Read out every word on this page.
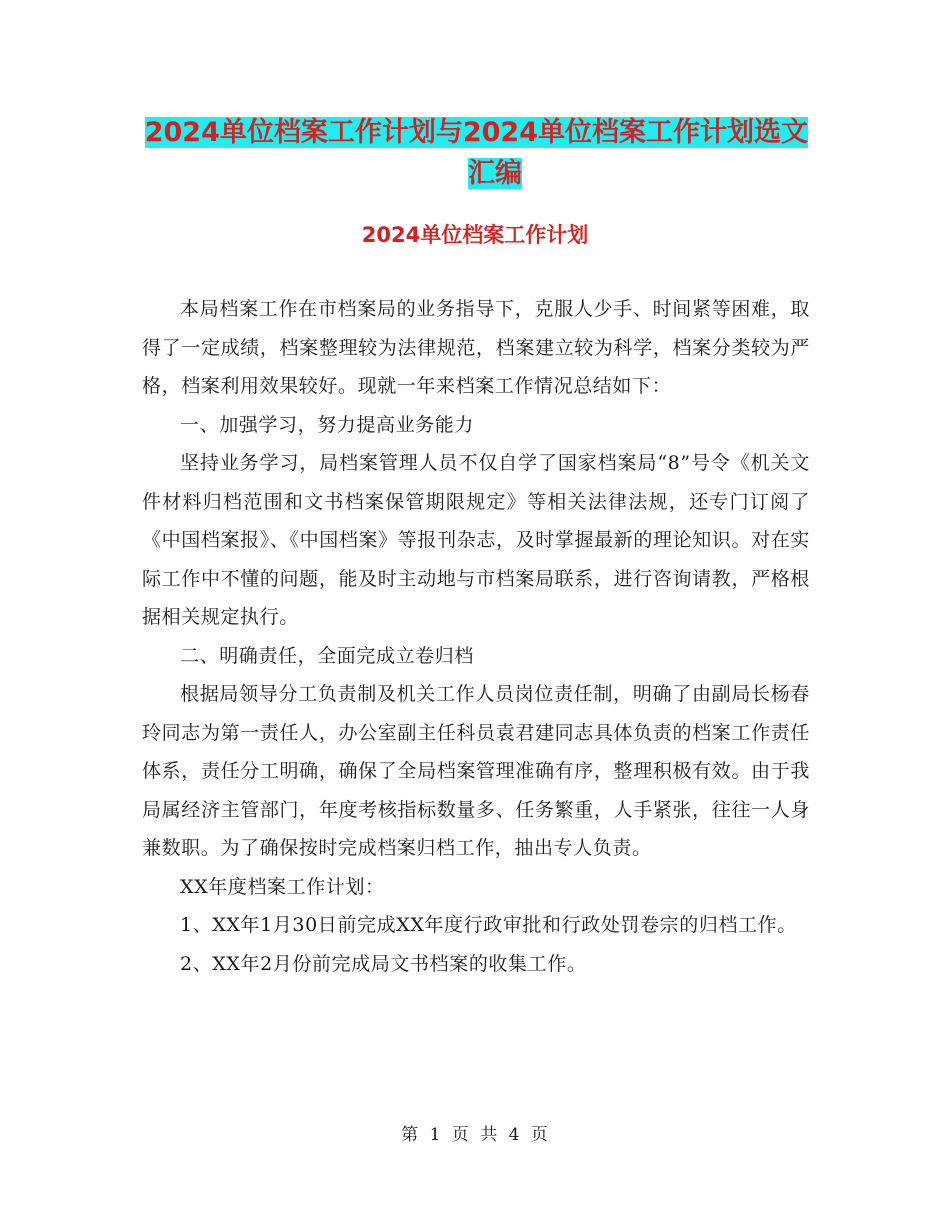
2024单位档案工作计划与2024单位档案工作计划选文
汇编
2024单位档案工作计划

本局档案工作在市档案局的业务指导下，克服人少手、时间紧等困难，取得了一定成绩，档案整理较为法律规范，档案建立较为科学，档案分类较为严格，档案利用效果较好。现就一年来档案工作情况总结如下：

一、加强学习，努力提高业务能力

坚持业务学习，局档案管理人员不仅自学了国家档案局“8”号令《机关文件材料归档范围和文书档案保管期限规定》等相关法律法规，还专门订阅了《中国档案报》、《中国档案》等报刊杂志，及时掌握最新的理论知识。对在实际工作中不懂的问题，能及时主动地与市档案局联系，进行咨询请教，严格根据相关规定执行。

二、明确责任，全面完成立卷归档

根据局领导分工负责制及机关工作人员岗位责任制，明确了由副局长杨春玲同志为第一责任人，办公室副主任科员袁君建同志具体负责的档案工作责任体系，责任分工明确，确保了全局档案管理准确有序，整理积极有效。由于我局属经济主管部门，年度考核指标数量多、任务繁重，人手紧张，往往一人身兼数职。为了确保按时完成档案归档工作，抽出专人负责。

XX年度档案工作计划：

1、XX年1月30日前完成XX年度行政审批和行政处罚卷宗的归档工作。

2、XX年2月份前完成局文书档案的收集工作。

第 1 页 共 4 页
